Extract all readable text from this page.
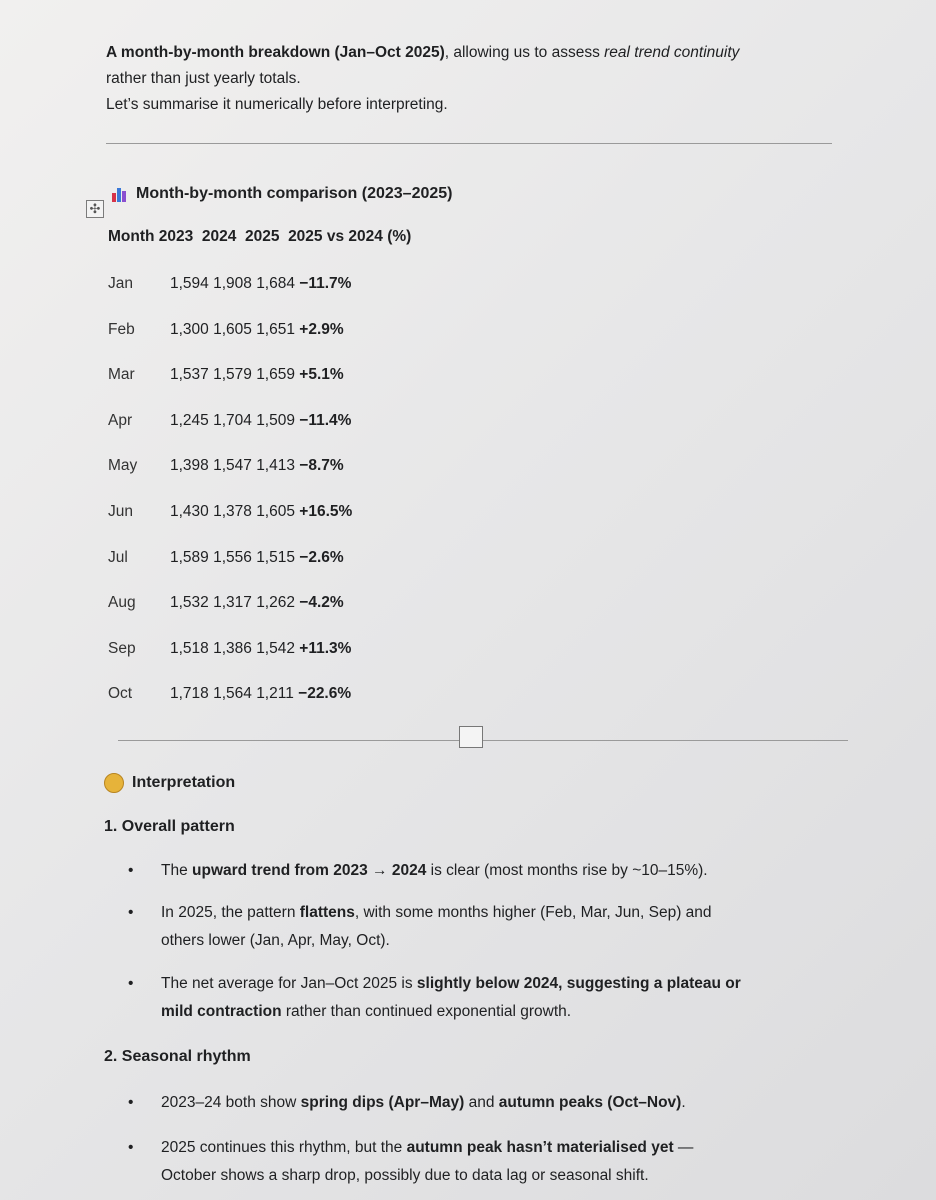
A month-by-month breakdown (Jan–Oct 2025), allowing us to assess real trend continuity
rather than just yearly totals.
Let’s summarise it numerically before interpreting.
✣
Month-by-month comparison (2023–2025)
Month 2023  2024  2025  2025 vs 2024 (%)
Jan	1,594 1,908 1,684 −11.7%
Feb	1,300 1,605 1,651 +2.9%
Mar	1,537 1,579 1,659 +5.1%
Apr	1,245 1,704 1,509 −11.4%
May	1,398 1,547 1,413 −8.7%
Jun	1,430 1,378 1,605 +16.5%
Jul	1,589 1,556 1,515 −2.6%
Aug	1,532 1,317 1,262 −4.2%
Sep	1,518 1,386 1,542 +11.3%
Oct	1,718 1,564 1,211 −22.6%
Interpretation
1. Overall pattern
• The upward trend from 2023 → 2024 is clear (most months rise by ~10–15%).
• In 2025, the pattern flattens, with some months higher (Feb, Mar, Jun, Sep) and
others lower (Jan, Apr, May, Oct).
• The net average for Jan–Oct 2025 is slightly below 2024, suggesting a plateau or
mild contraction rather than continued exponential growth.
2. Seasonal rhythm
• 2023–24 both show spring dips (Apr–May) and autumn peaks (Oct–Nov).
• 2025 continues this rhythm, but the autumn peak hasn’t materialised yet —
October shows a sharp drop, possibly due to data lag or seasonal shift.
